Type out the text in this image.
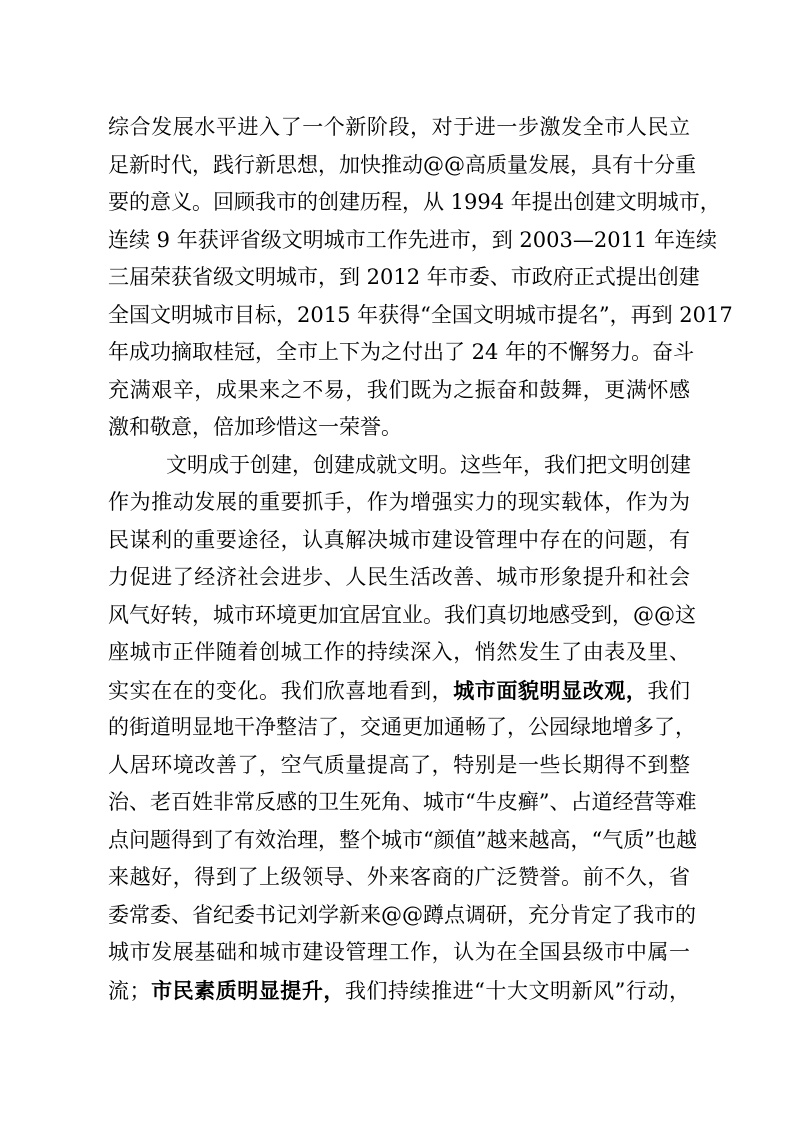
综合发展水平进入了一个新阶段，对于进一步激发全市人民立
足新时代，践行新思想，加快推动@@高质量发展，具有十分重
要的意义。回顾我市的创建历程，从 1994 年提出创建文明城市，
连续 9 年获评省级文明城市工作先进市，到 2003—2011 年连续
三届荣获省级文明城市，到 2012 年市委、市政府正式提出创建
全国文明城市目标，2015 年获得“全国文明城市提名”，再到 2017
年成功摘取桂冠，全市上下为之付出了 24 年的不懈努力。奋斗
充满艰辛，成果来之不易，我们既为之振奋和鼓舞，更满怀感
激和敬意，倍加珍惜这一荣誉。
文明成于创建，创建成就文明。这些年，我们把文明创建
作为推动发展的重要抓手，作为增强实力的现实载体，作为为
民谋利的重要途径，认真解决城市建设管理中存在的问题，有
力促进了经济社会进步、人民生活改善、城市形象提升和社会
风气好转，城市环境更加宜居宜业。我们真切地感受到，@@这
座城市正伴随着创城工作的持续深入，悄然发生了由表及里、
实实在在的变化。我们欣喜地看到，城市面貌明显改观，我们
的街道明显地干净整洁了，交通更加通畅了，公园绿地增多了，
人居环境改善了，空气质量提高了，特别是一些长期得不到整
治、老百姓非常反感的卫生死角、城市“牛皮癣”、占道经营等难
点问题得到了有效治理，整个城市“颜值”越来越高，“气质”也越
来越好，得到了上级领导、外来客商的广泛赞誉。前不久，省
委常委、省纪委书记刘学新来@@蹲点调研，充分肯定了我市的
城市发展基础和城市建设管理工作，认为在全国县级市中属一
流；市民素质明显提升，我们持续推进“十大文明新风”行动，
